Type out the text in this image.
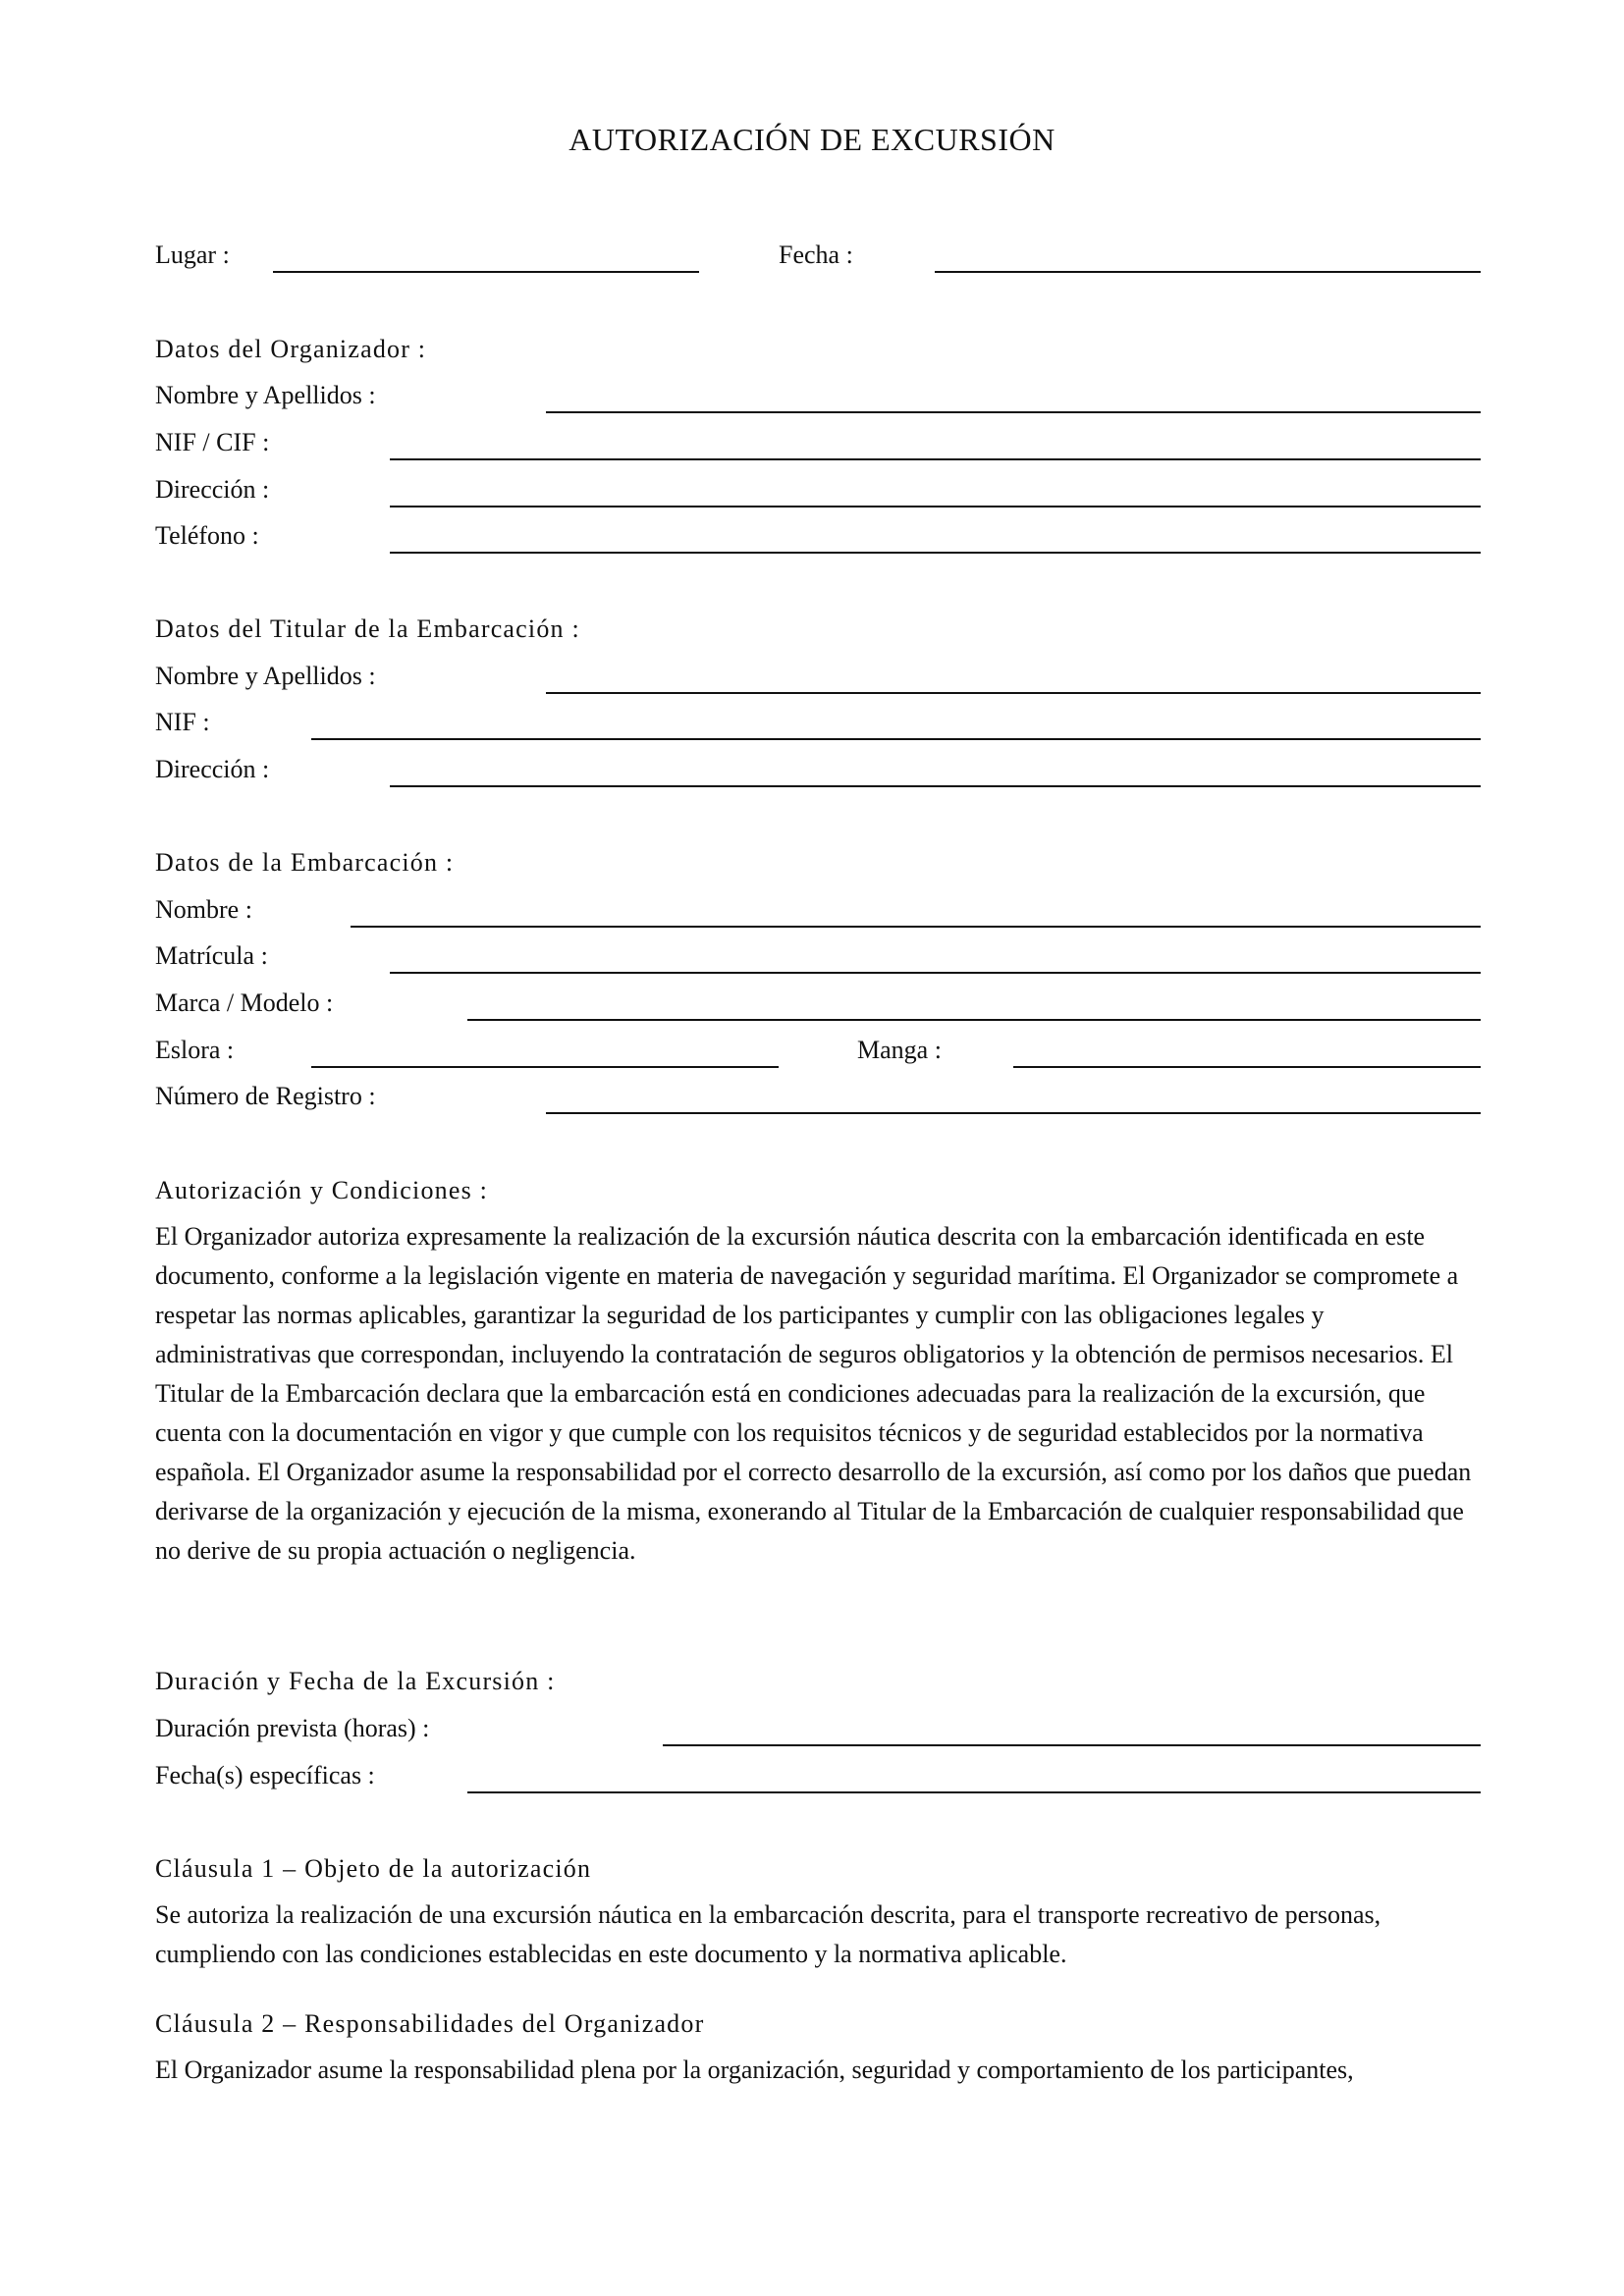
AUTORIZACIÓN DE EXCURSIÓN
Lugar :	Fecha :
Datos del Organizador :
Nombre y Apellidos :
NIF / CIF :
Dirección :
Teléfono :
Datos del Titular de la Embarcación :
Nombre y Apellidos :
NIF :
Dirección :
Datos de la Embarcación :
Nombre :
Matrícula :
Marca / Modelo :
Eslora :	Manga :
Número de Registro :
Autorización y Condiciones :
El Organizador autoriza expresamente la realización de la excursión náutica descrita con la embarcación identificada en este documento, conforme a la legislación vigente en materia de navegación y seguridad marítima. El Organizador se compromete a respetar las normas aplicables, garantizar la seguridad de los participantes y cumplir con las obligaciones legales y administrativas que correspondan, incluyendo la contratación de seguros obligatorios y la obtención de permisos necesarios. El Titular de la Embarcación declara que la embarcación está en condiciones adecuadas para la realización de la excursión, que cuenta con la documentación en vigor y que cumple con los requisitos técnicos y de seguridad establecidos por la normativa española. El Organizador asume la responsabilidad por el correcto desarrollo de la excursión, así como por los daños que puedan derivarse de la organización y ejecución de la misma, exonerando al Titular de la Embarcación de cualquier responsabilidad que no derive de su propia actuación o negligencia.
Duración y Fecha de la Excursión :
Duración prevista (horas) :
Fecha(s) específicas :
Cláusula 1 – Objeto de la autorización
Se autoriza la realización de una excursión náutica en la embarcación descrita, para el transporte recreativo de personas, cumpliendo con las condiciones establecidas en este documento y la normativa aplicable.
Cláusula 2 – Responsabilidades del Organizador
El Organizador asume la responsabilidad plena por la organización, seguridad y comportamiento de los participantes,
